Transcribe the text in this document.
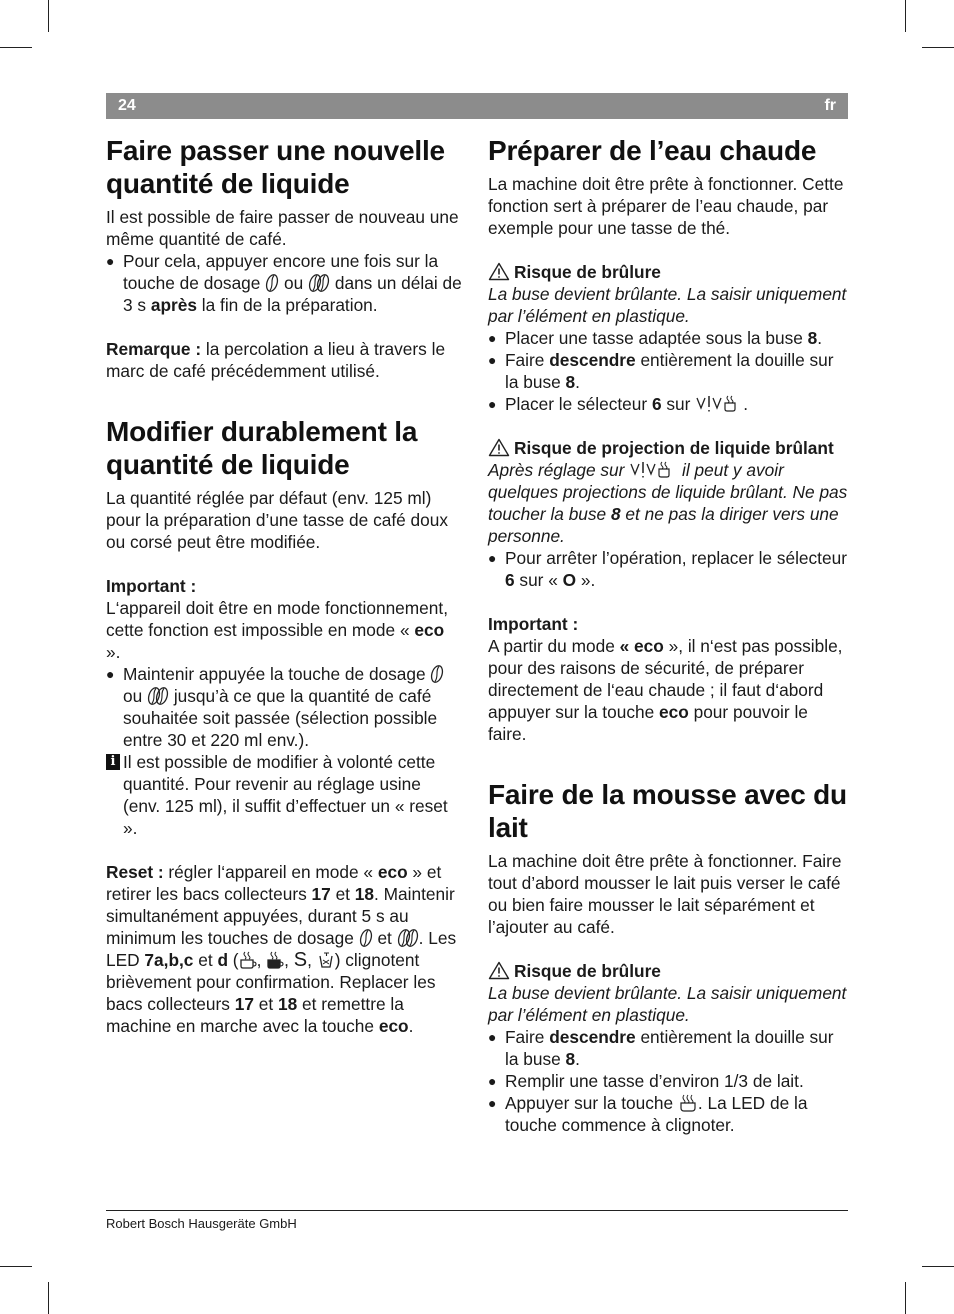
24	fr
Faire passer une nouvelle quantité de liquide

Il est possible de faire passer de nouveau une même quantité de café.

● Pour cela, appuyer encore une fois sur la touche de dosage  ou  dans un délai de 3 s après la fin de la préparation.

Remarque : la percolation a lieu à travers le marc de café précédemment utilisé.

Modifier durablement la quantité de liquide

La quantité réglée par défaut (env. 125 ml) pour la préparation d’une tasse de café doux ou corsé peut être modifiée.

Important :

L‘appareil doit être en mode fonctionnement, cette fonction est impossible en mode « eco ».

● Maintenir appuyée la touche de dosage  ou  jusqu’à ce que la quantité de café souhaitée soit passée (sélection possible entre 30 et 220 ml env.).
i Il est possible de modifier à volonté cette quantité. Pour revenir au réglage usine (env. 125 ml), il suffit d’effectuer un « reset ».

Reset : régler l‘appareil en mode « eco » et retirer les bacs collecteurs 17 et 18. Maintenir simultanément appuyées, durant 5 s au minimum les touches de dosage  et . Les LED 7a,b,c et d ( , , S, ) clignotent brièvement pour confirmation. Replacer les bacs collecteurs 17 et 18 et remettre la machine en marche avec la touche eco.

Préparer de l’eau chaude

La machine doit être prête à fonctionner. Cette fonction sert à préparer de l’eau chaude, par exemple pour une tasse de thé.

Risque de brûlure

La buse devient brûlante. La saisir uniquement par l’élément en plastique.

● Placer une tasse adaptée sous la buse 8.
● Faire descendre entièrement la douille sur la buse 8.
● Placer le sélecteur 6 sur	.

Risque de projection de liquide brûlant

Après réglage sur	il peut y avoir quelques projections de liquide brûlant. Ne pas toucher la buse 8 et ne pas la diriger vers une personne.

● Pour arrêter l’opération, replacer le sélecteur 6 sur « O ».

Important :

A partir du mode « eco », il n‘est pas possible, pour des raisons de sécurité, de préparer directement de l‘eau chaude ; il faut d‘abord appuyer sur la touche eco pour pouvoir le faire.

Faire de la mousse avec du lait

La machine doit être prête à fonctionner. Faire tout d’abord mousser le lait puis verser le café ou bien faire mousser le lait séparément et l’ajouter au café.

Risque de brûlure

La buse devient brûlante. La saisir uniquement par l’élément en plastique.

● Faire descendre entièrement la douille sur la buse 8.
● Remplir une tasse d’environ 1/3 de lait.
● Appuyer sur la touche . La LED de la touche commence à clignoter.
Robert Bosch Hausgeräte GmbH
